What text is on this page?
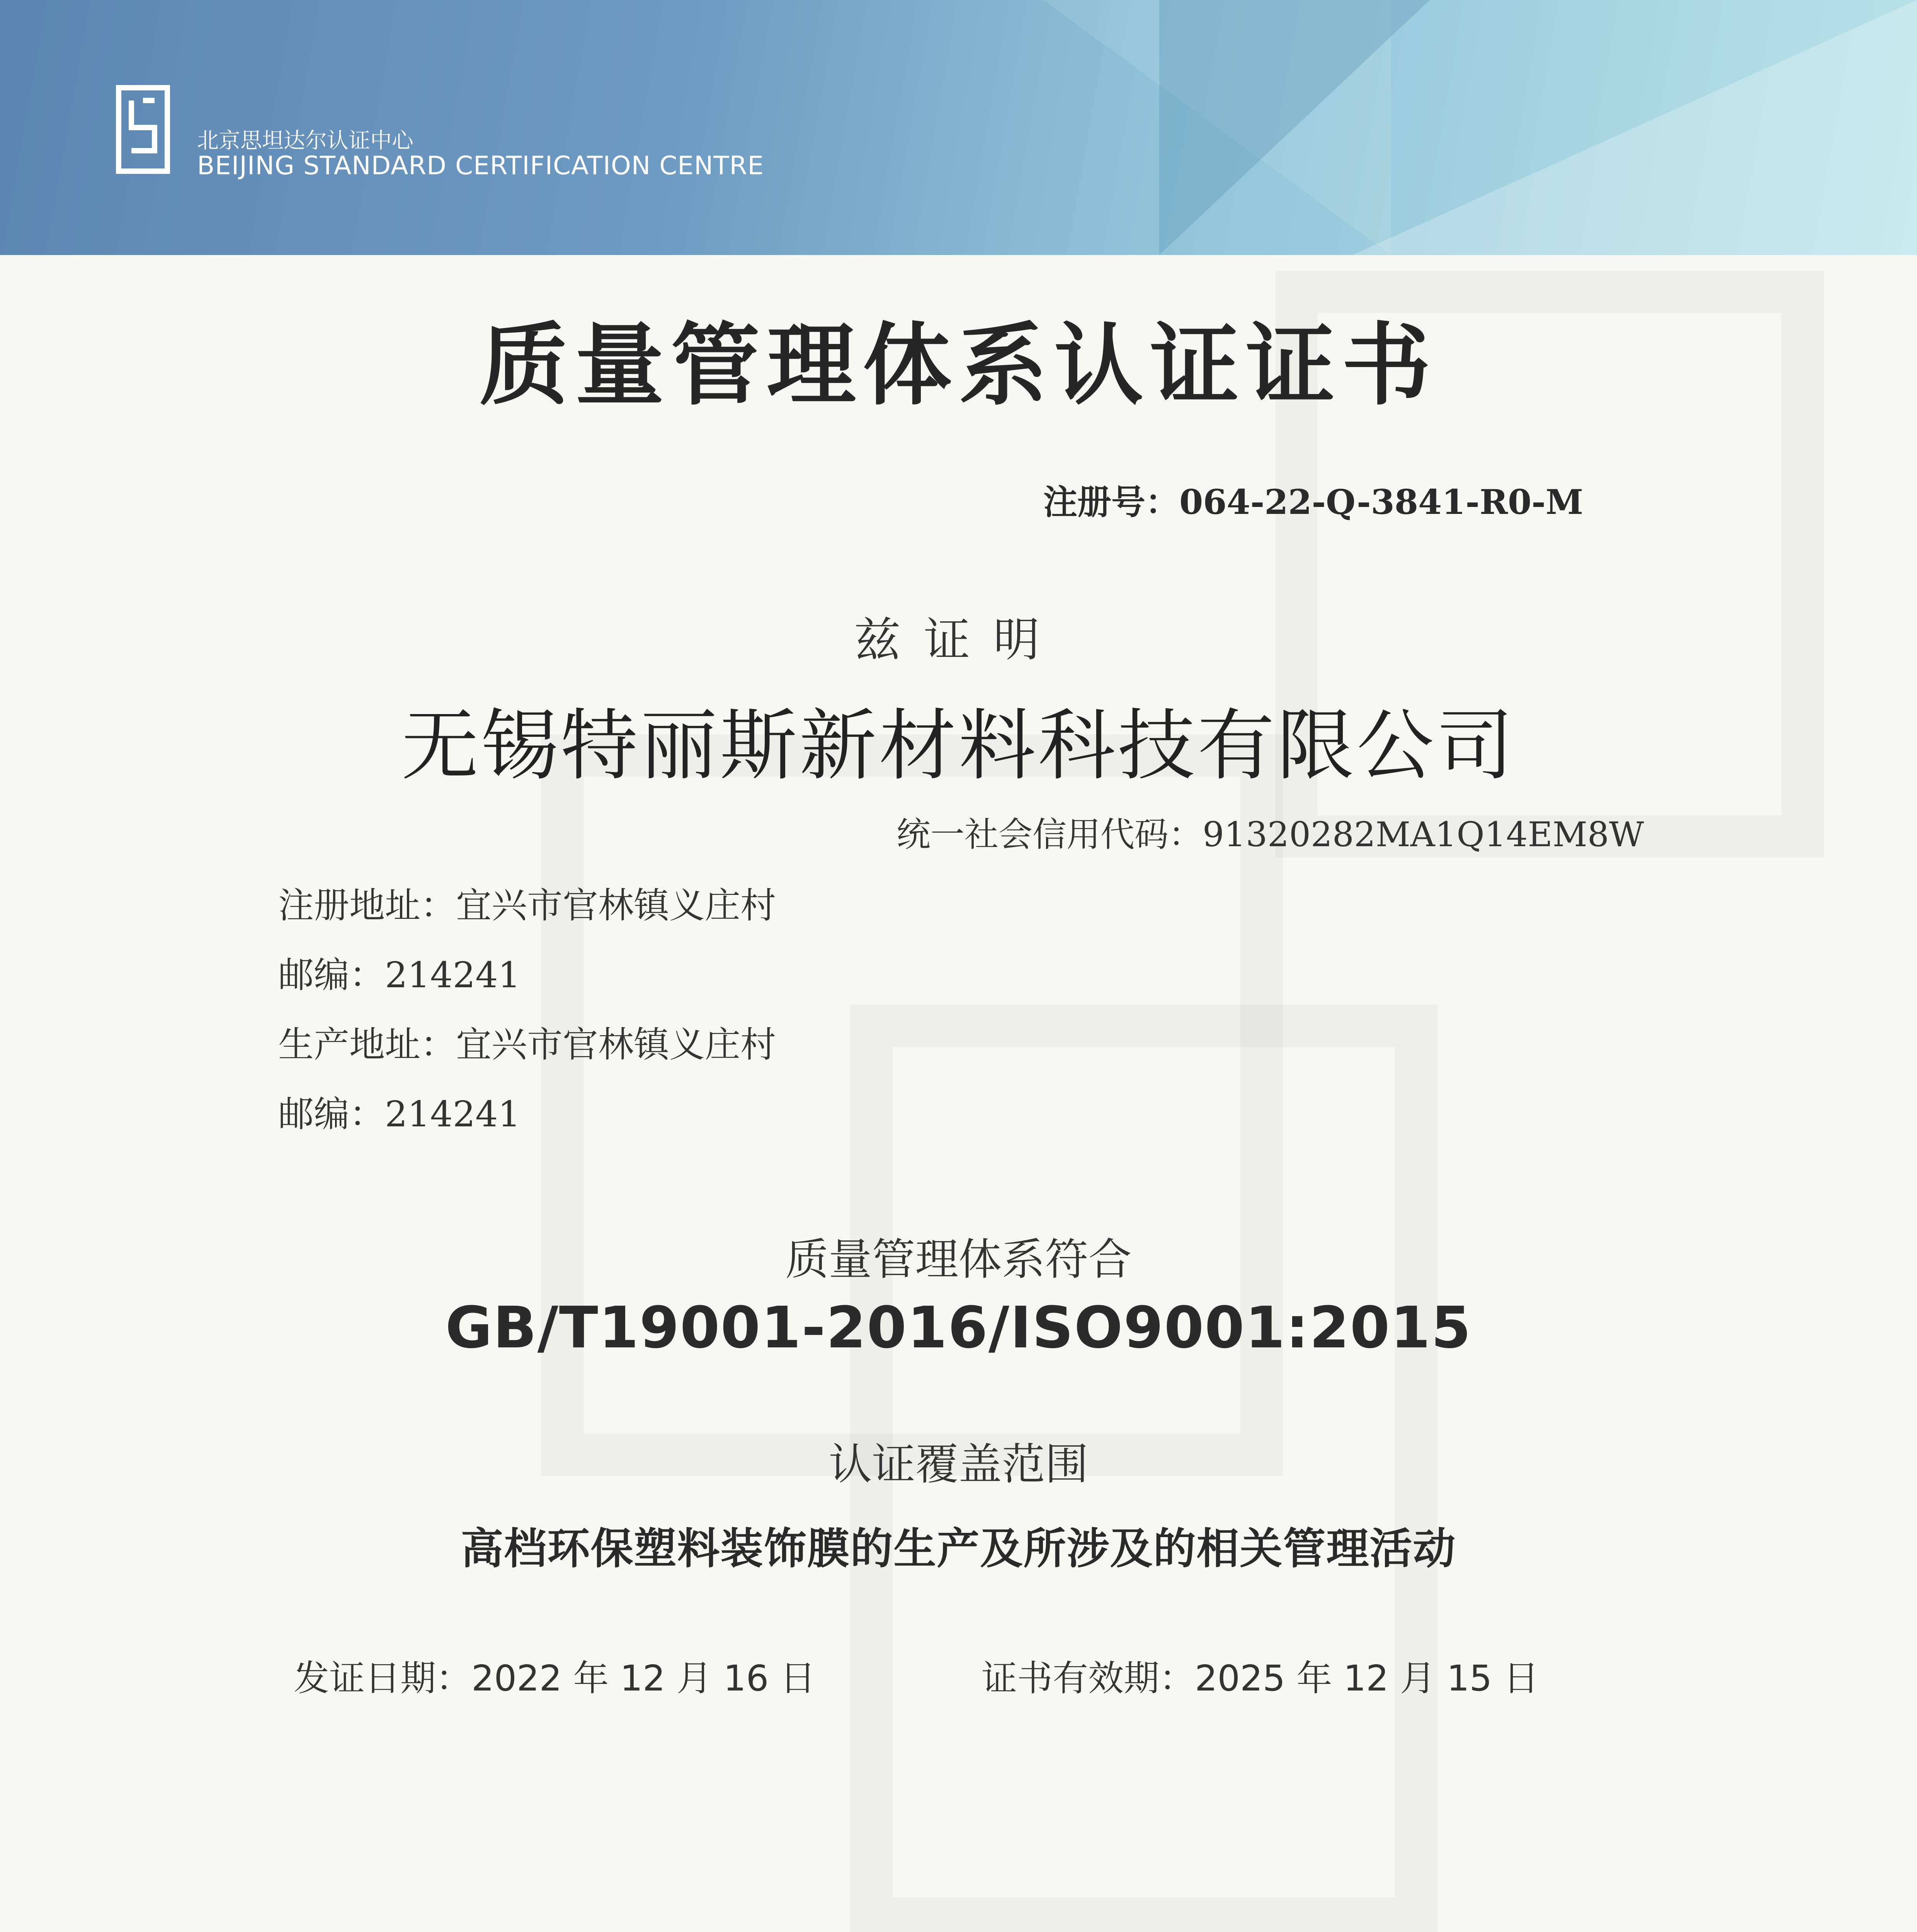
北京思坦达尔认证中心
BEIJING STANDARD CERTIFICATION CENTRE
质量管理体系认证证书
注册号：064-22-Q-3841-R0-M
兹证明
无锡特丽斯新材料科技有限公司
统一社会信用代码：91320282MA1Q14EM8W
注册地址：宜兴市官林镇义庄村
邮编：214241
生产地址：宜兴市官林镇义庄村
邮编：214241
质量管理体系符合
GB/T19001-2016/ISO9001:2015
认证覆盖范围
高档环保塑料装饰膜的生产及所涉及的相关管理活动
发证日期：2022 年 12 月 16 日	证书有效期：2025 年 12 月 15 日
